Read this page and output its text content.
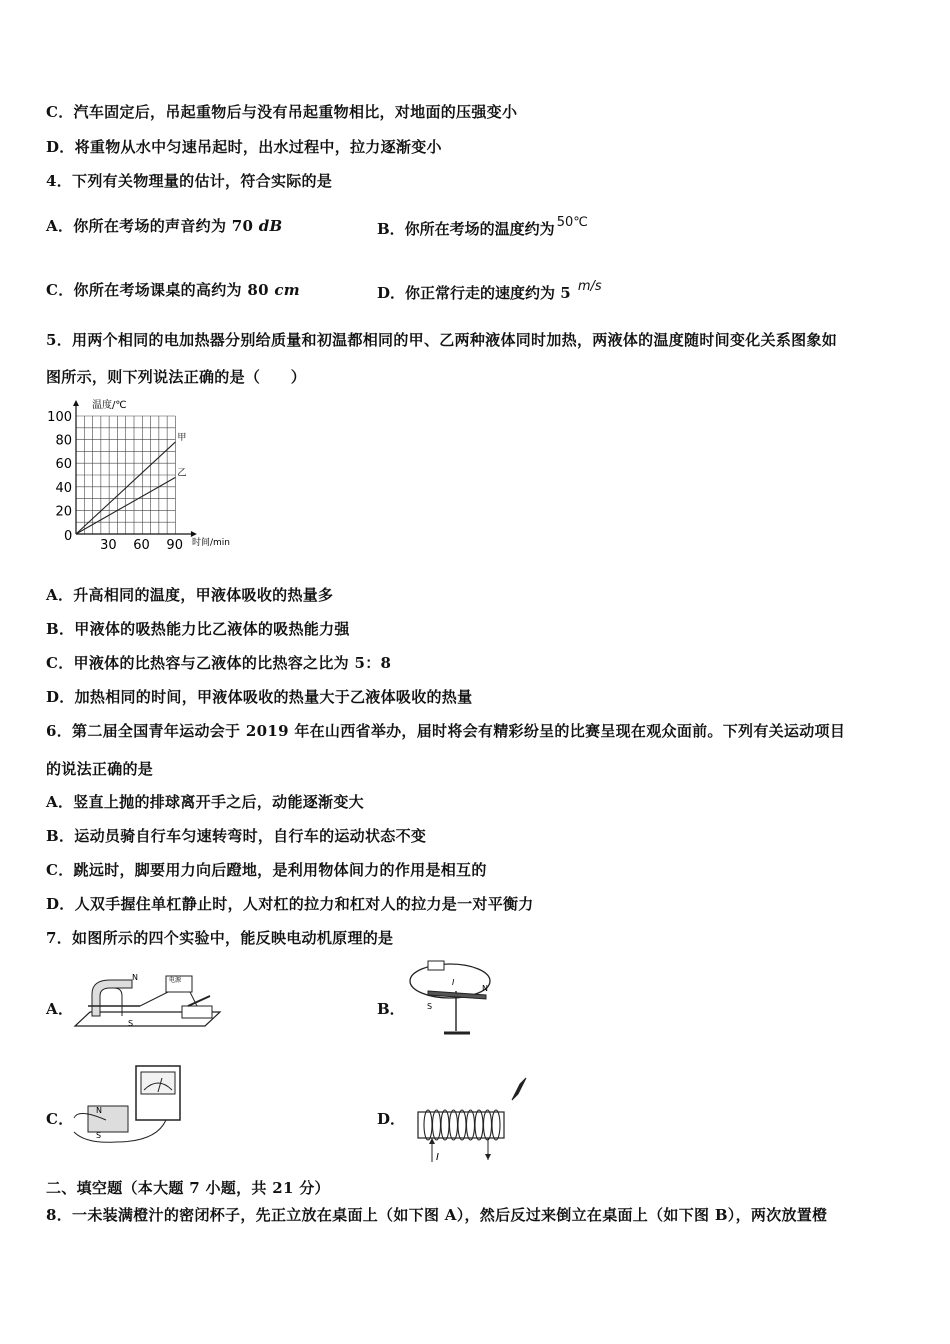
C．汽车固定后，吊起重物后与没有吊起重物相比，对地面的压强变小
D．将重物从水中匀速吊起时，出水过程中，拉力逐渐变小
4．下列有关物理量的估计，符合实际的是
A．你所在考场的声音约为 70 dB	B．你所在考场的温度约为 50℃
C．你所在考场课桌的高约为 80 cm	D．你正常行走的速度约为 5 m/s
5．用两个相同的电加热器分别给质量和初温都相同的甲、乙两种液体同时加热，两液体的温度随时间变化关系图象如
图所示，则下列说法正确的是（　　）
30 60 90
20
40
60
80
100
甲
乙
温度/℃
时间/min
0
A．升高相同的温度，甲液体吸收的热量多
B．甲液体的吸热能力比乙液体的吸热能力强
C．甲液体的比热容与乙液体的比热容之比为 5：8
D．加热相同的时间，甲液体吸收的热量大于乙液体吸收的热量
6．第二届全国青年运动会于 2019 年在山西省举办，届时将会有精彩纷呈的比赛呈现在观众面前。下列有关运动项目
的说法正确的是
A．竖直上抛的排球离开手之后，动能逐渐变大
B．运动员骑自行车匀速转弯时，自行车的运动状态不变
C．跳远时，脚要用力向后蹬地，是利用物体间力的作用是相互的
D．人双手握住单杠静止时，人对杠的拉力和杠对人的拉力是一对平衡力
7．如图所示的四个实验中，能反映电动机原理的是
A．
N
S
电源
B．	S
N
I
C．	N
S
D．
I
二、填空题（本大题 7 小题，共 21 分）
8．一未装满橙汁的密闭杯子，先正立放在桌面上（如下图 A），然后反过来倒立在桌面上（如下图 B），两次放置橙
